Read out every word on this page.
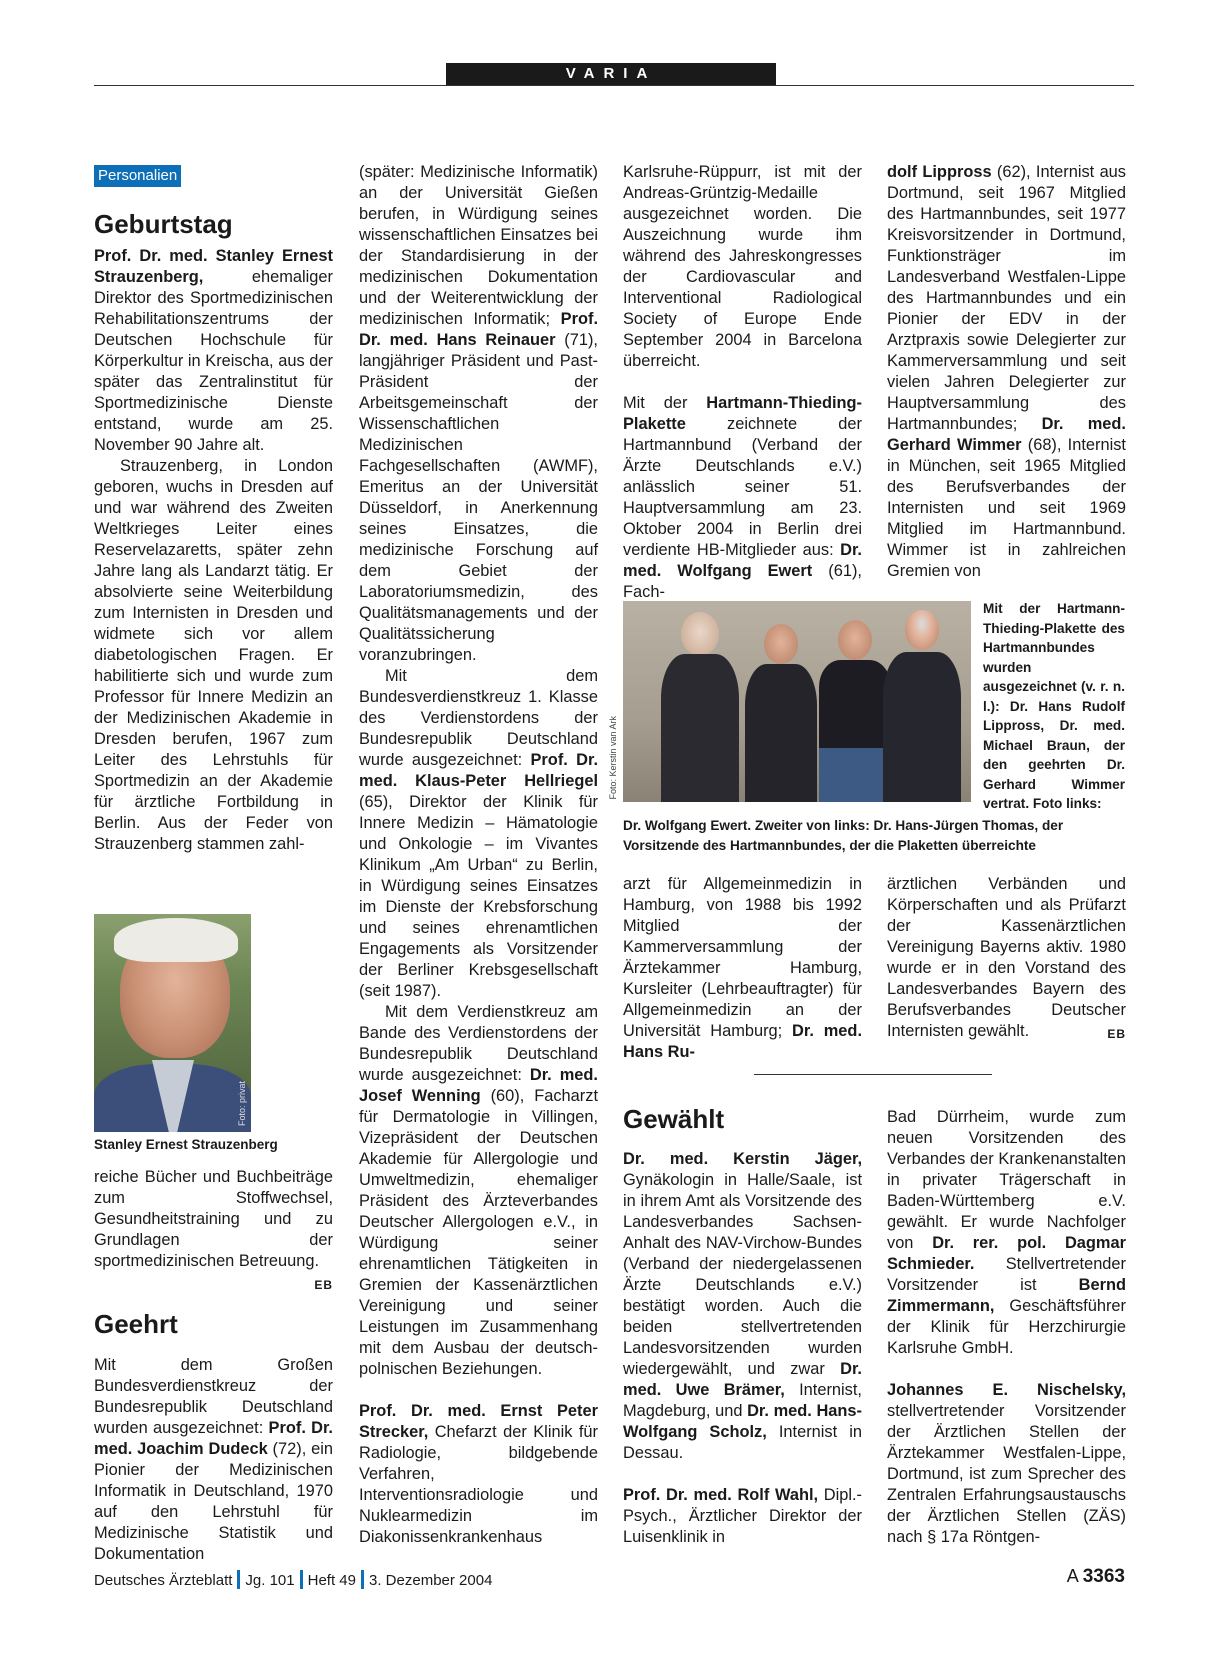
VARIA
Personalien
Geburtstag

Prof. Dr. med. Stanley Ernest Strauzenberg, ehemaliger Direktor des Sportmedizinischen Rehabilitationszentrums der Deutschen Hochschule für Körperkultur in Kreischa, aus der später das Zentralinstitut für Sportmedizinische Dienste entstand, wurde am 25. November 90 Jahre alt.

Strauzenberg, in London geboren, wuchs in Dresden auf und war während des Zweiten Weltkrieges Leiter eines Reservelazaretts, später zehn Jahre lang als Landarzt tätig. Er absolvierte seine Weiterbildung zum Internisten in Dresden und widmete sich vor allem diabetologischen Fragen. Er habilitierte sich und wurde zum Professor für Innere Medizin an der Medizinischen Akademie in Dresden berufen, 1967 zum Leiter des Lehrstuhls für Sportmedizin an der Akademie für ärztliche Fortbildung in Berlin. Aus der Feder von Strauzenberg stammen zahl-

Foto: privat
Stanley Ernest Strauzenberg

reiche Bücher und Buchbeiträge zum Stoffwechsel, Gesundheitstraining und zu Grundlagen der sportmedizinischen Betreuung.
EB

Geehrt

Mit dem Großen Bundesverdienstkreuz der Bundesrepublik Deutschland wurden ausgezeichnet: Prof. Dr. med. Joachim Dudeck (72), ein Pionier der Medizinischen Informatik in Deutschland, 1970 auf den Lehrstuhl für Medizinische Statistik und Dokumentation

(später: Medizinische Informatik) an der Universität Gießen berufen, in Würdigung seines wissenschaftlichen Einsatzes bei der Standardisierung in der medizinischen Dokumentation und der Weiterentwicklung der medizinischen Informatik; Prof. Dr. med. Hans Reinauer (71), langjähriger Präsident und Past-Präsident der Arbeitsgemeinschaft der Wissenschaftlichen Medizinischen Fachgesellschaften (AWMF), Emeritus an der Universität Düsseldorf, in Anerkennung seines Einsatzes, die medizinische Forschung auf dem Gebiet der Laboratoriumsmedizin, des Qualitätsmanagements und der Qualitätssicherung voranzubringen.

Mit dem Bundesverdienstkreuz 1. Klasse des Verdienstordens der Bundesrepublik Deutschland wurde ausgezeichnet: Prof. Dr. med. Klaus-Peter Hellriegel (65), Direktor der Klinik für Innere Medizin – Hämatologie und Onkologie – im Vivantes Klinikum „Am Urban“ zu Berlin, in Würdigung seines Einsatzes im Dienste der Krebsforschung und seines ehrenamtlichen Engagements als Vorsitzender der Berliner Krebsgesellschaft (seit 1987).

Mit dem Verdienstkreuz am Bande des Verdienstordens der Bundesrepublik Deutschland wurde ausgezeichnet: Dr. med. Josef Wenning (60), Facharzt für Dermatologie in Villingen, Vizepräsident der Deutschen Akademie für Allergologie und Umweltmedizin, ehemaliger Präsident des Ärzteverbandes Deutscher Allergologen e.V., in Würdigung seiner ehrenamtlichen Tätigkeiten in Gremien der Kassenärztlichen Vereinigung und seiner Leistungen im Zusammenhang mit dem Ausbau der deutsch-polnischen Beziehungen.

Prof. Dr. med. Ernst Peter Strecker, Chefarzt der Klinik für Radiologie, bildgebende Verfahren, Interventionsradiologie und Nuklearmedizin im Diakonissenkrankenhaus

Karlsruhe-Rüppurr, ist mit der Andreas-Grüntzig-Medaille ausgezeichnet worden. Die Auszeichnung wurde ihm während des Jahreskongresses der Cardiovascular and Interventional Radiological Society of Europe Ende September 2004 in Barcelona überreicht.

Mit der Hartmann-Thieding-Plakette zeichnete der Hartmannbund (Verband der Ärzte Deutschlands e.V.) anlässlich seiner 51. Hauptversammlung am 23. Oktober 2004 in Berlin drei verdiente HB-Mitglieder aus: Dr. med. Wolfgang Ewert (61), Fach-

dolf Lippross (62), Internist aus Dortmund, seit 1967 Mitglied des Hartmannbundes, seit 1977 Kreisvorsitzender in Dortmund, Funktionsträger im Landesverband Westfalen-Lippe des Hartmannbundes und ein Pionier der EDV in der Arztpraxis sowie Delegierter zur Kammerversammlung und seit vielen Jahren Delegierter zur Hauptversammlung des Hartmannbundes; Dr. med. Gerhard Wimmer (68), Internist in München, seit 1965 Mitglied des Berufsverbandes der Internisten und seit 1969 Mitglied im Hartmannbund. Wimmer ist in zahlreichen Gremien von

Foto: Kerstin van Ark
Mit der Hartmann-Thieding-Plakette des Hartmannbundes wurden ausgezeichnet (v. r. n. l.): Dr. Hans Rudolf Lippross, Dr. med. Michael Braun, der den geehrten Dr. Gerhard Wimmer vertrat. Foto links:
Dr. Wolfgang Ewert. Zweiter von links: Dr. Hans-Jürgen Thomas, der Vorsitzende des Hartmannbundes, der die Plaketten überreichte

arzt für Allgemeinmedizin in Hamburg, von 1988 bis 1992 Mitglied der Kammerversammlung der Ärztekammer Hamburg, Kursleiter (Lehrbeauftragter) für Allgemeinmedizin an der Universität Hamburg; Dr. med. Hans Ru-

ärztlichen Verbänden und Körperschaften und als Prüfarzt der Kassenärztlichen Vereinigung Bayerns aktiv. 1980 wurde er in den Vorstand des Landesverbandes Bayern des Berufsverbandes Deutscher Internisten gewählt.	EB

Gewählt

Dr. med. Kerstin Jäger, Gynäkologin in Halle/Saale, ist in ihrem Amt als Vorsitzende des Landesverbandes Sachsen-Anhalt des NAV-Virchow-Bundes (Verband der niedergelassenen Ärzte Deutschlands e.V.) bestätigt worden. Auch die beiden stellvertretenden Landesvorsitzenden wurden wiedergewählt, und zwar Dr. med. Uwe Brämer, Internist, Magdeburg, und Dr. med. Hans-Wolfgang Scholz, Internist in Dessau.

Prof. Dr. med. Rolf Wahl, Dipl.-Psych., Ärztlicher Direktor der Luisenklinik in

Bad Dürrheim, wurde zum neuen Vorsitzenden des Verbandes der Krankenanstalten in privater Trägerschaft in Baden-Württemberg e.V. gewählt. Er wurde Nachfolger von Dr. rer. pol. Dagmar Schmieder. Stellvertretender Vorsitzender ist Bernd Zimmermann, Geschäftsführer der Klinik für Herzchirurgie Karlsruhe GmbH.

Johannes E. Nischelsky, stellvertretender Vorsitzender der Ärztlichen Stellen der Ärztekammer Westfalen-Lippe, Dortmund, ist zum Sprecher des Zentralen Erfahrungsaustauschs der Ärztlichen Stellen (ZÄS) nach § 17a Röntgen-

Deutsches Ärzteblatt Jg. 101 Heft 49 3. Dezember 2004	A 3363
